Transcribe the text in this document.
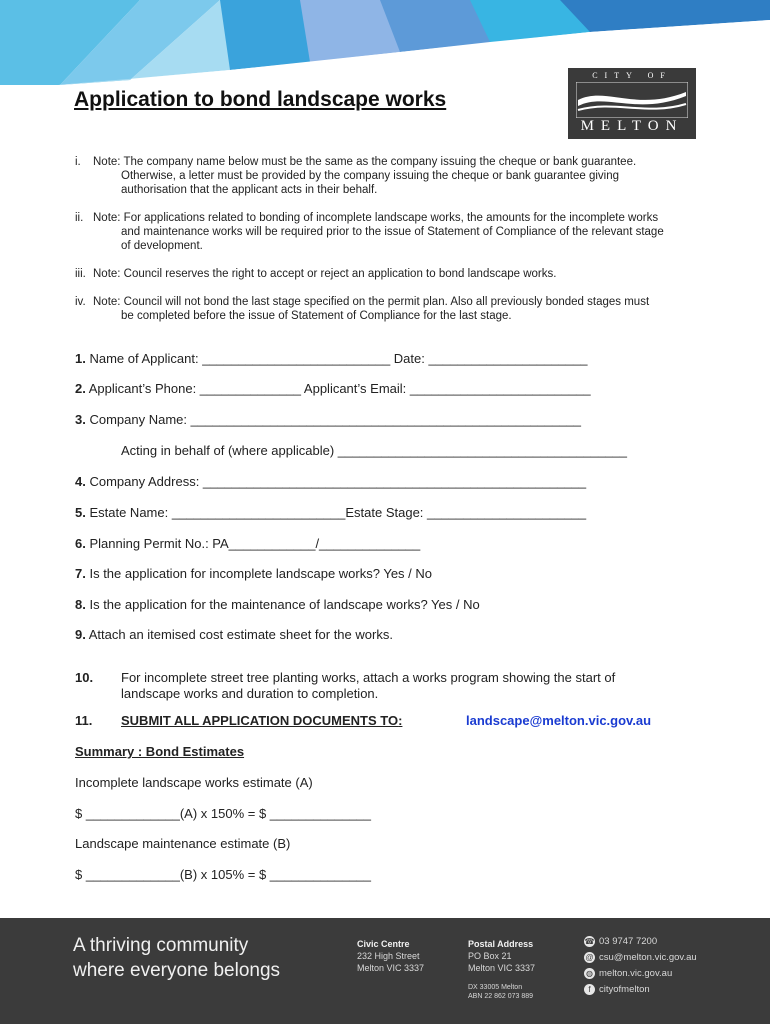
CITY OF
MELTON
Application to bond landscape works
i.	Note: The company name below must be the same as the company issuing the cheque or bank guarantee. Otherwise, a letter must be provided by the company issuing the cheque or bank guarantee giving authorisation that the applicant acts in their behalf.
ii. Note: For applications related to bonding of incomplete landscape works, the amounts for the incomplete works and maintenance works will be required prior to the issue of Statement of Compliance of the relevant stage of development.
iii. Note: Council reserves the right to accept or reject an application to bond landscape works.
iv. Note: Council will not bond the last stage specified on the permit plan. Also all previously bonded stages must be completed before the issue of Statement of Compliance for the last stage.
1. Name of Applicant: __________________________ Date: ______________________
2. Applicant’s Phone: ______________ Applicant’s Email: _________________________
3. Company Name: ______________________________________________________
Acting in behalf of (where applicable) ________________________________________
4. Company Address: _____________________________________________________
5. Estate Name: ________________________Estate Stage: ______________________
6. Planning Permit No.: PA____________/______________
7. Is the application for incomplete landscape works? Yes / No
8. Is the application for the maintenance of landscape works? Yes / No
9. Attach an itemised cost estimate sheet for the works.
10.	For incomplete street tree planting works, attach a works program showing the start of landscape works and duration to completion.
11. SUBMIT ALL APPLICATION DOCUMENTS TO:	landscape@melton.vic.gov.au
Summary : Bond Estimates
Incomplete landscape works estimate (A)
$ _____________(A) x 150% = $ ______________
Landscape maintenance estimate (B)
$ _____________(B) x 105% = $ ______________
A thriving community
where everyone belongs
Civic Centre
232 High Street
Melton VIC 3337
Postal Address
PO Box 21
Melton VIC 3337
DX 33005 Melton
ABN 22 862 073 889
☎ 03 9747 7200
@ csu@melton.vic.gov.au
◍ melton.vic.gov.au
f cityofmelton
